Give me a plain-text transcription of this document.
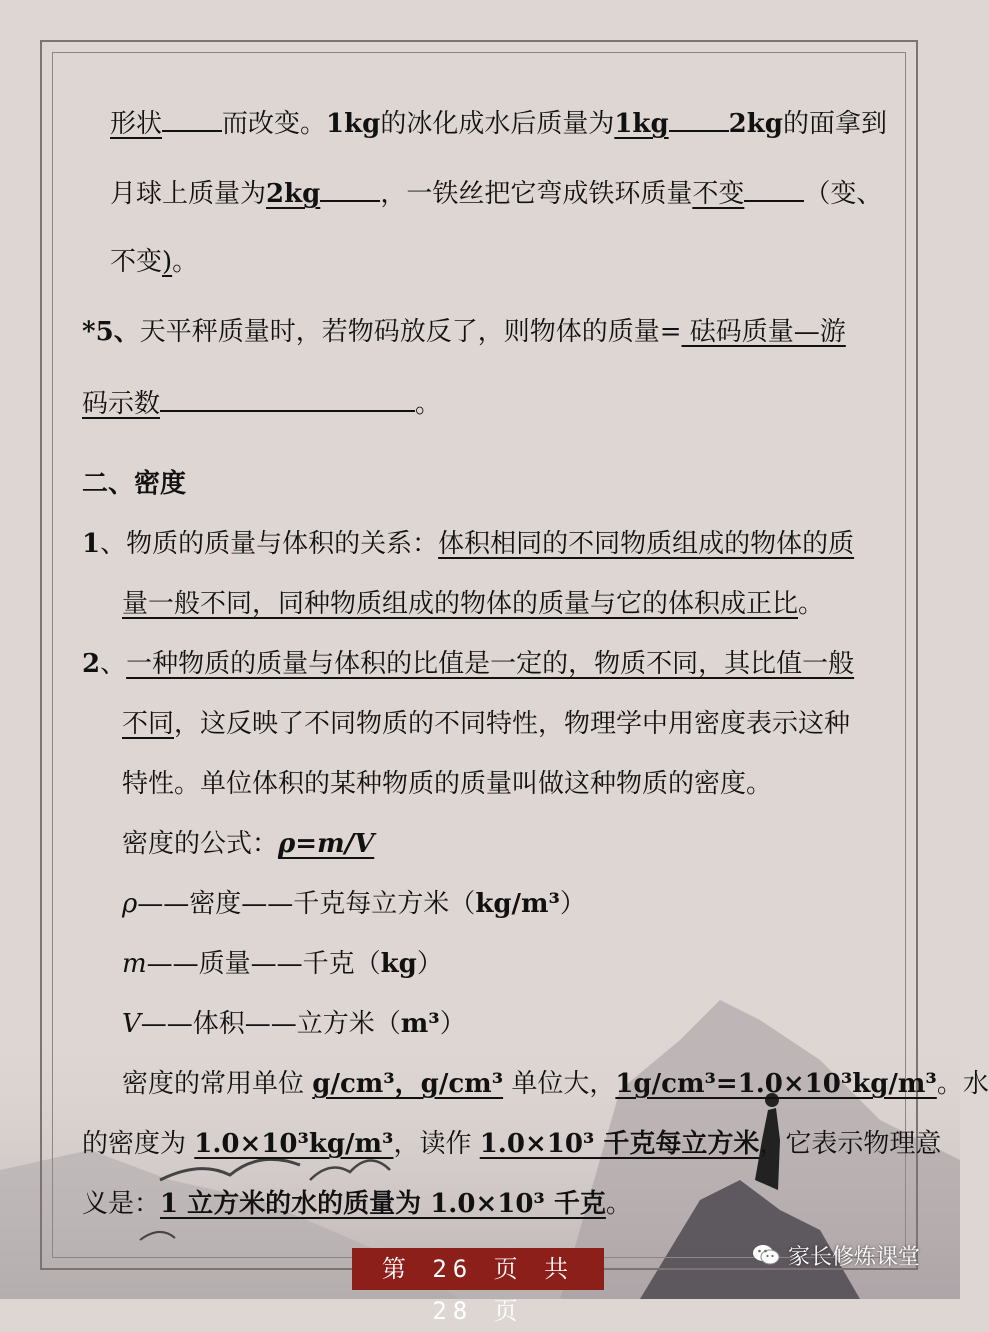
形状 而改变。1kg的冰化成水后质量为1kg 2kg的面拿到
月球上质量为2kg ，一铁丝把它弯成铁环质量不变 （变、
不变)。
*5、天平秤质量时，若物码放反了，则物体的质量= 砝码质量—游
码示数	。
二、密度
1、物质的质量与体积的关系：体积相同的不同物质组成的物体的质
量一般不同，同种物质组成的物体的质量与它的体积成正比。
2、一种物质的质量与体积的比值是一定的，物质不同，其比值一般
不同，这反映了不同物质的不同特性，物理学中用密度表示这种
特性。单位体积的某种物质的质量叫做这种物质的密度。
密度的公式：ρ=m/V
ρ——密度——千克每立方米（kg/m³）
m——质量——千克（kg）
V——体积——立方米（m³）
密度的常用单位 g/cm³，g/cm³ 单位大，1g/cm³=1.0×10³kg/m³。水
的密度为 1.0×10³kg/m³，读作 1.0×10³ 千克每立方米，它表示物理意
义是：1 立方米的水的质量为 1.0×10³ 千克。
第 26 页 共 28 页
家长修炼课堂
